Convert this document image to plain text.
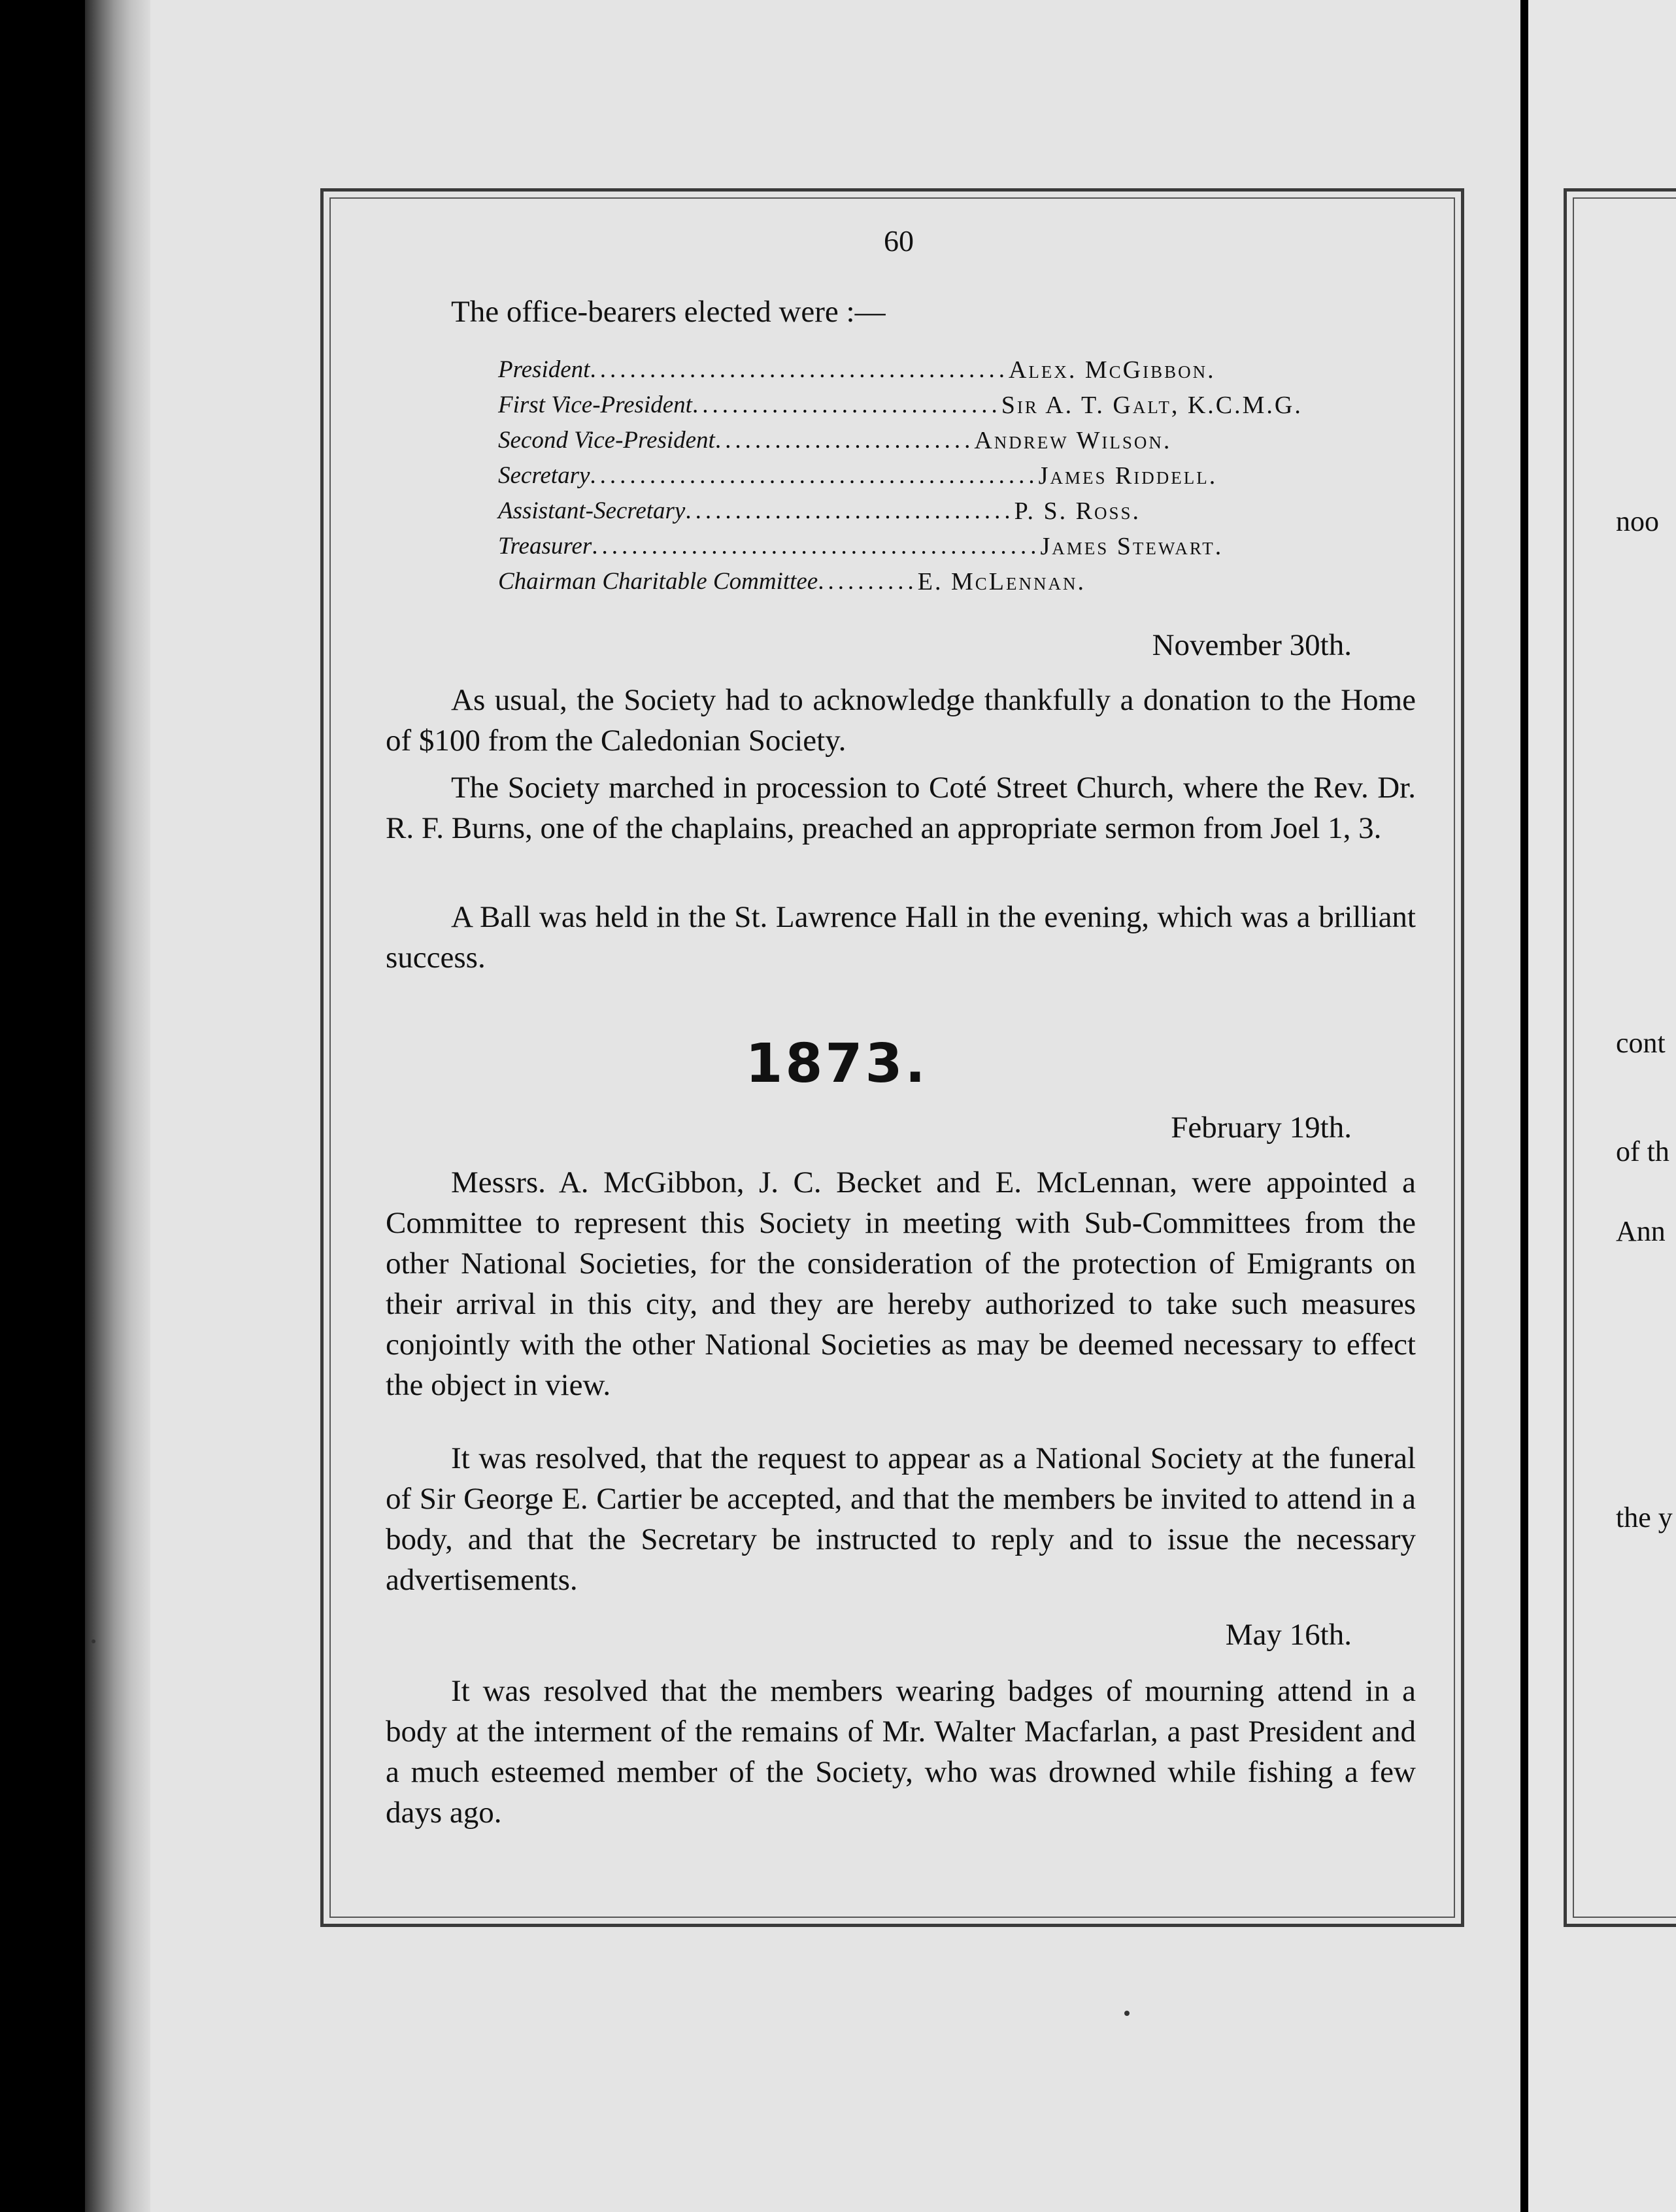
noo
cont
of th
Ann
the y
60
The office-bearers elected were :—
President .......................................... Alex. McGibbon.
First Vice-President ............................... Sir A. T. Galt, K.C.M.G.
Second Vice-President .......................... Andrew Wilson.
Secretary ............................................. James Riddell.
Assistant-Secretary ................................. P. S. Ross.
Treasurer ............................................. James Stewart.
Chairman Charitable Committee .......... E. McLennan.
November 30th.

As usual, the Society had to acknowledge thankfully a donation to the Home of $100 from the Caledonian Society.

The Society marched in procession to Coté Street Church, where the Rev. Dr. R. F. Burns, one of the chaplains, preached an appropriate sermon from Joel 1, 3.

A Ball was held in the St. Lawrence Hall in the evening, which was a brilliant success.

1873.
February 19th.

Messrs. A. McGibbon, J. C. Becket and E. McLennan, were appointed a Committee to represent this Society in meeting with Sub-Committees from the other National Societies, for the consideration of the protection of Emigrants on their arrival in this city, and they are hereby authorized to take such measures conjointly with the other National Societies as may be deemed necessary to effect the object in view.

It was resolved, that the request to appear as a National Society at the funeral of Sir George E. Cartier be accepted, and that the members be invited to attend in a body, and that the Secretary be instructed to reply and to issue the necessary advertisements.

May 16th.

It was resolved that the members wearing badges of mourning attend in a body at the interment of the remains of Mr. Walter Macfarlan, a past President and a much esteemed member of the Society, who was drowned while fishing a few days ago.
